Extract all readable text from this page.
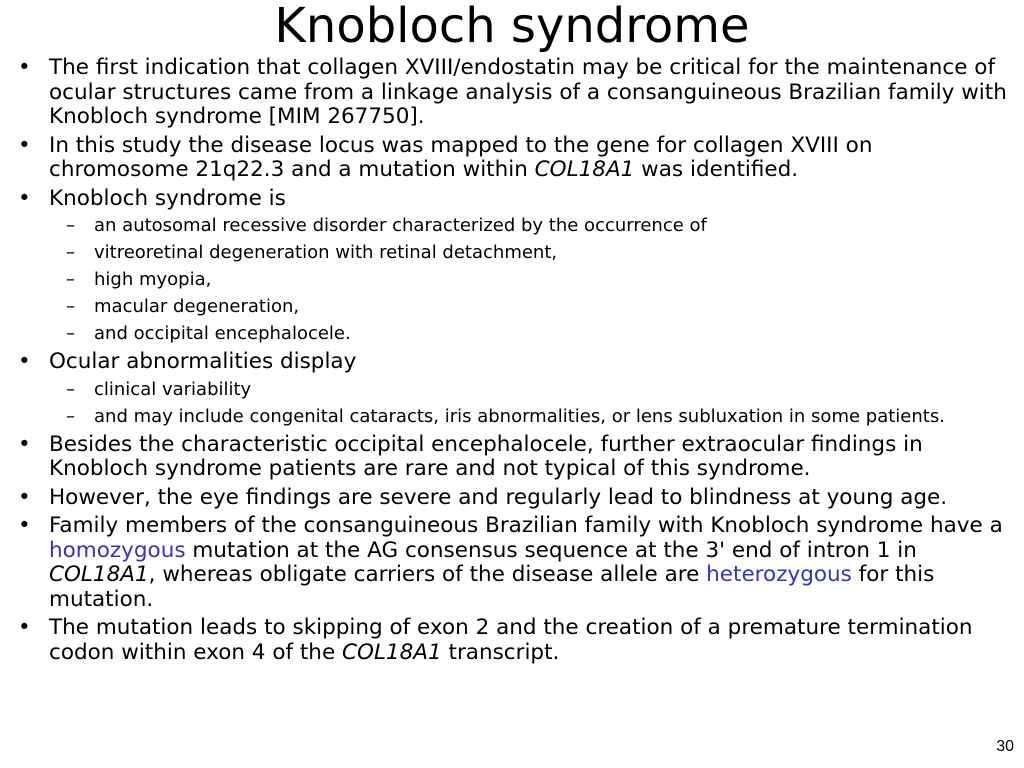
Knobloch syndrome
• The first indication that collagen XVIII/endostatin may be critical for the maintenance of ocular structures came from a linkage analysis of a consanguineous Brazilian family with Knobloch syndrome [MIM 267750].
• In this study the disease locus was mapped to the gene for collagen XVIII on chromosome 21q22.3 and a mutation within COL18A1 was identified.
• Knobloch syndrome is
– an autosomal recessive disorder characterized by the occurrence of
– vitreoretinal degeneration with retinal detachment,
– high myopia,
– macular degeneration,
– and occipital encephalocele.
• Ocular abnormalities display
– clinical variability
– and may include congenital cataracts, iris abnormalities, or lens subluxation in some patients.
• Besides the characteristic occipital encephalocele, further extraocular findings in Knobloch syndrome patients are rare and not typical of this syndrome.
• However, the eye findings are severe and regularly lead to blindness at young age.
• Family members of the consanguineous Brazilian family with Knobloch syndrome have a homozygous mutation at the AG consensus sequence at the 3' end of intron 1 in COL18A1, whereas obligate carriers of the disease allele are heterozygous for this mutation.
• The mutation leads to skipping of exon 2 and the creation of a premature termination codon within exon 4 of the COL18A1 transcript.
30
